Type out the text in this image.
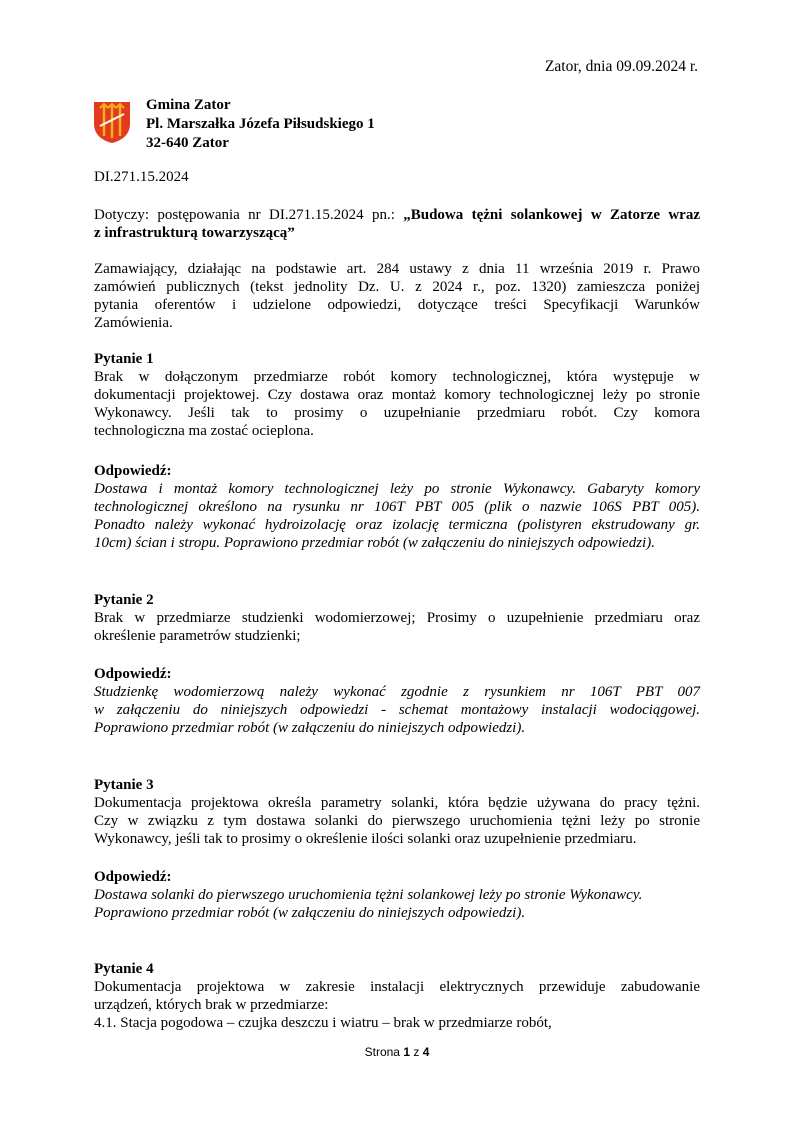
Zator, dnia 09.09.2024 r.
Gmina Zator
Pl. Marszałka Józefa Piłsudskiego 1
32-640 Zator
DI.271.15.2024

Dotyczy: postępowania nr DI.271.15.2024 pn.: „Budowa tężni solankowej w Zatorze wraz

z infrastrukturą towarzyszącą”

Zamawiający, działając na podstawie art. 284 ustawy z dnia 11 września 2019 r. Prawo

zamówień publicznych (tekst jednolity Dz. U. z 2024 r., poz. 1320) zamieszcza poniżej

pytania oferentów i udzielone odpowiedzi, dotyczące treści Specyfikacji Warunków

Zamówienia.

Pytanie 1

Brak w dołączonym przedmiarze robót komory technologicznej, która występuje w

dokumentacji projektowej. Czy dostawa oraz montaż komory technologicznej leży po stronie

Wykonawcy. Jeśli tak to prosimy o uzupełnianie przedmiaru robót. Czy komora

technologiczna ma zostać ocieplona.

Odpowiedź:

Dostawa i montaż komory technologicznej leży po stronie Wykonawcy. Gabaryty komory

technologicznej określono na rysunku nr 106T PBT 005 (plik o nazwie 106S PBT 005).

Ponadto należy wykonać hydroizolację oraz izolację termiczna (polistyren ekstrudowany gr.

10cm) ścian i stropu. Poprawiono przedmiar robót (w załączeniu do niniejszych odpowiedzi).

Pytanie 2

Brak w przedmiarze studzienki wodomierzowej; Prosimy o uzupełnienie przedmiaru oraz

określenie parametrów studzienki;

Odpowiedź:

Studzienkę wodomierzową należy wykonać zgodnie z rysunkiem nr 106T PBT 007

w załączeniu do niniejszych odpowiedzi - schemat montażowy instalacji wodociągowej.

Poprawiono przedmiar robót (w załączeniu do niniejszych odpowiedzi).

Pytanie 3

Dokumentacja projektowa określa parametry solanki, która będzie używana do pracy tężni.

Czy w związku z tym dostawa solanki do pierwszego uruchomienia tężni leży po stronie

Wykonawcy, jeśli tak to prosimy o określenie ilości solanki oraz uzupełnienie przedmiaru.

Odpowiedź:

Dostawa solanki do pierwszego uruchomienia tężni solankowej leży po stronie Wykonawcy.

Poprawiono przedmiar robót (w załączeniu do niniejszych odpowiedzi).

Pytanie 4

Dokumentacja projektowa w zakresie instalacji elektrycznych przewiduje zabudowanie

urządzeń, których brak w przedmiarze:

4.1. Stacja pogodowa – czujka deszczu i wiatru – brak w przedmiarze robót,

Strona 1 z 4
